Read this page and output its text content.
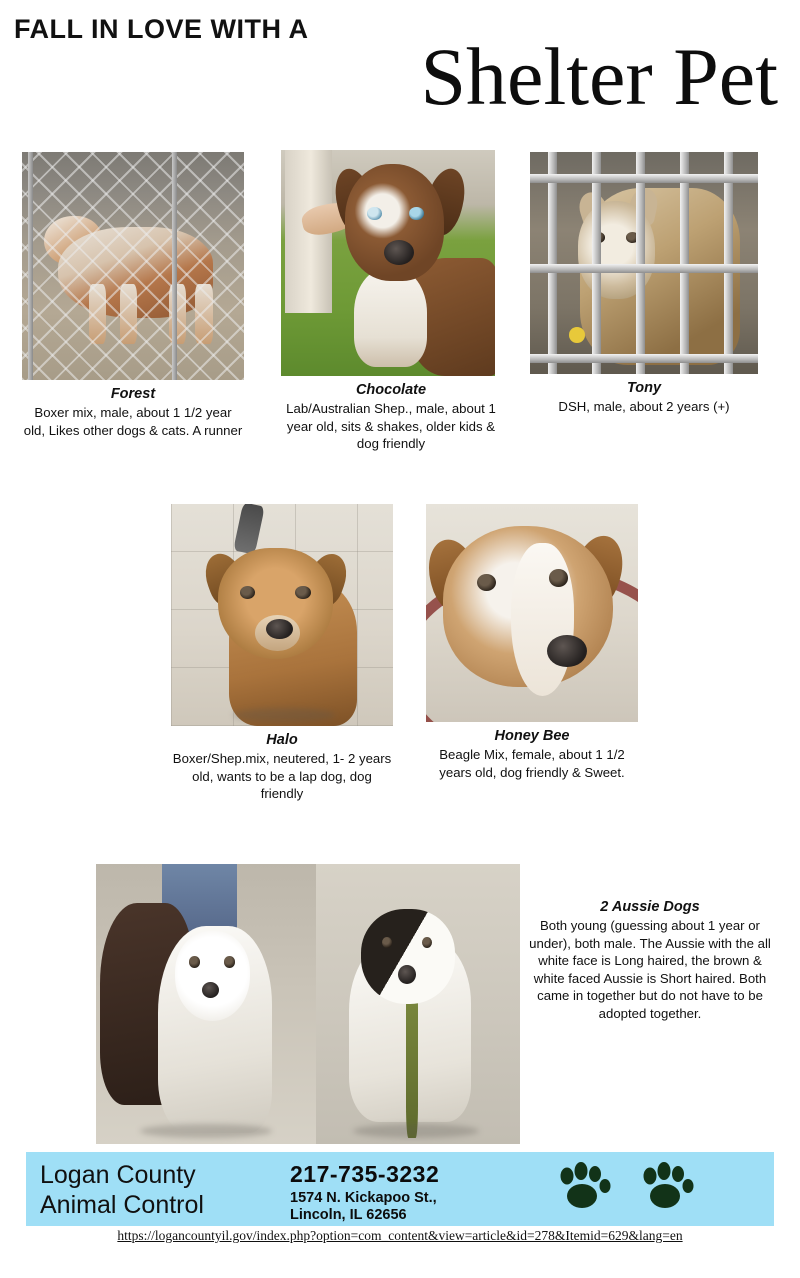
FALL IN LOVE WITH A
Shelter Pet
Forest
Boxer mix, male, about 1 1/2 year old, Likes other dogs & cats. A runner
Chocolate
Lab/Australian Shep., male, about 1 year old, sits & shakes, older kids & dog friendly
Tony
DSH, male, about 2 years (+)
Halo
Boxer/Shep.mix, neutered, 1- 2 years old, wants to be a lap dog, dog friendly
Honey Bee
Beagle Mix, female, about 1 1/2 years old, dog friendly & Sweet.
2 Aussie Dogs
Both young (guessing about 1 year or under), both male. The Aussie with the all white face is Long haired, the brown & white faced Aussie is Short haired. Both came in together but do not have to be adopted together.
Logan County
Animal Control
217-735-3232
1574 N. Kickapoo St.,
Lincoln, IL 62656
https://logancountyil.gov/index.php?option=com_content&view=article&id=278&Itemid=629&lang=en
